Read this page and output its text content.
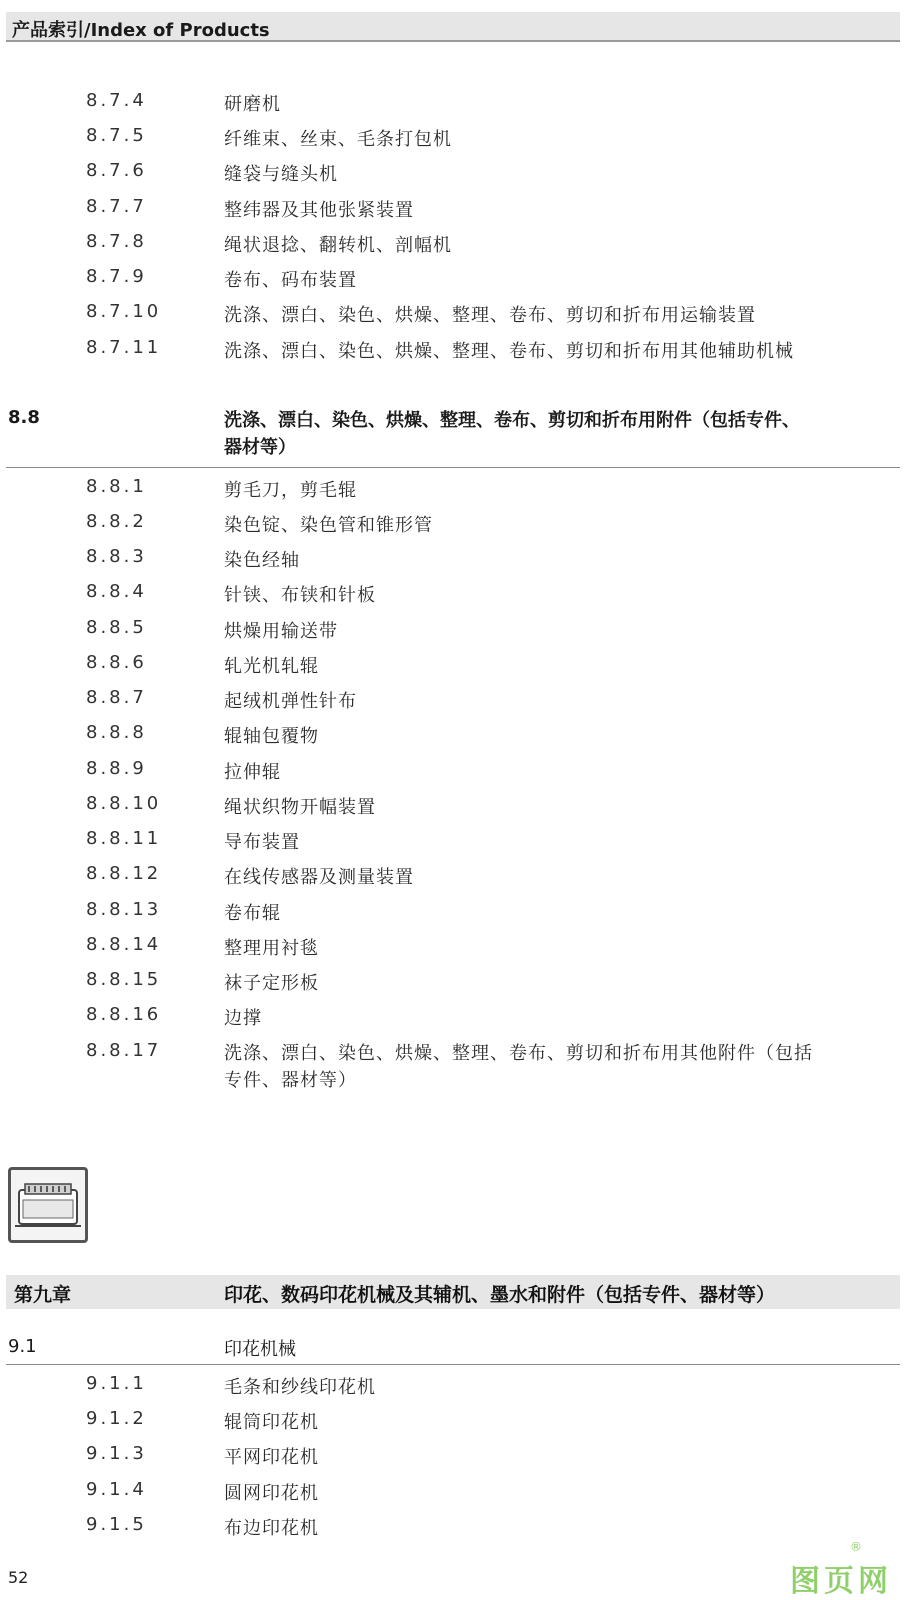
产品索引/Index of Products
8.7.4	研磨机
8.7.5	纤维束、丝束、毛条打包机
8.7.6	缝袋与缝头机
8.7.7	整纬器及其他张紧装置
8.7.8	绳状退捻、翻转机、剖幅机
8.7.9	卷布、码布装置
8.7.10	洗涤、漂白、染色、烘燥、整理、卷布、剪切和折布用运输装置
8.7.11	洗涤、漂白、染色、烘燥、整理、卷布、剪切和折布用其他辅助机械
8.8	洗涤、漂白、染色、烘燥、整理、卷布、剪切和折布用附件（包括专件、
器材等）
8.8.1	剪毛刀，剪毛辊
8.8.2	染色锭、染色管和锥形管
8.8.3	染色经轴
8.8.4	针铗、布铗和针板
8.8.5	烘燥用输送带
8.8.6	轧光机轧辊
8.8.7	起绒机弹性针布
8.8.8	辊轴包覆物
8.8.9	拉伸辊
8.8.10	绳状织物开幅装置
8.8.11	导布装置
8.8.12	在线传感器及测量装置
8.8.13	卷布辊
8.8.14	整理用衬毯
8.8.15	袜子定形板
8.8.16	边撑
8.8.17	洗涤、漂白、染色、烘燥、整理、卷布、剪切和折布用其他附件（包括
专件、器材等）
第九章	印花、数码印花机械及其辅机、墨水和附件（包括专件、器材等）
9.1	印花机械
9.1.1	毛条和纱线印花机
9.1.2	辊筒印花机
9.1.3	平网印花机
9.1.4	圆网印花机
9.1.5	布边印花机
52	图页网
®
